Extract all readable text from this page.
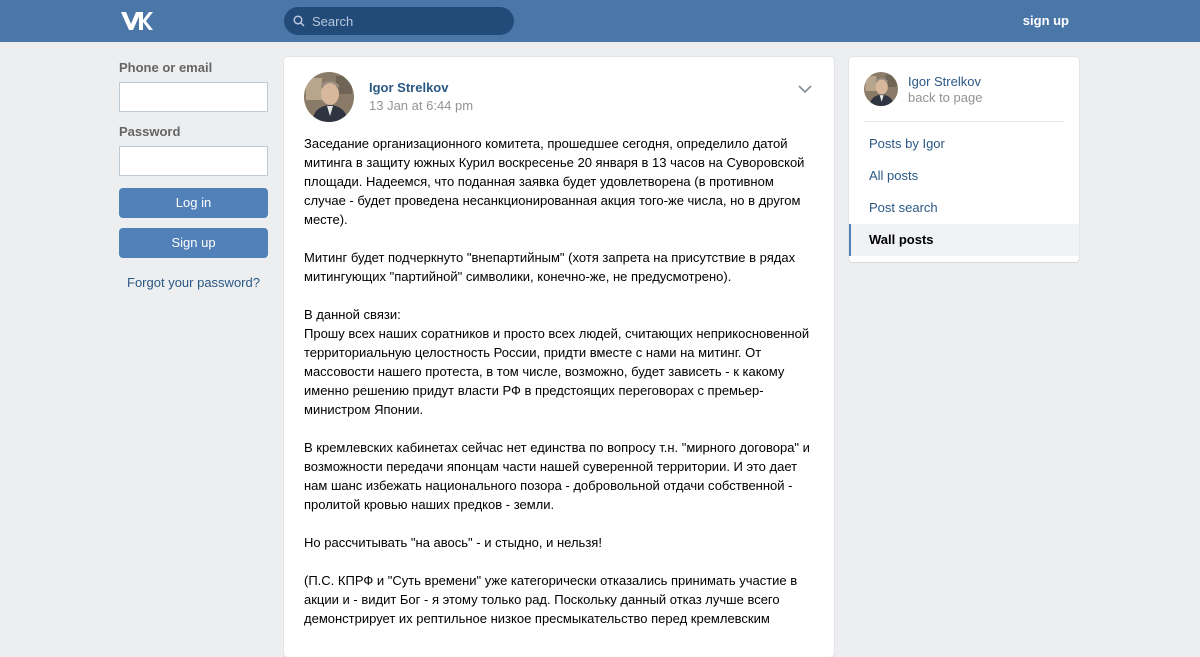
Search
sign up
Phone or email
Password
Log in
Sign up
Forgot your password?
Igor Strelkov
13 Jan at 6:44 pm

Заседание организационного комитета, прошедшее сегодня, определило датой митинга в защиту южных Курил воскресенье 20 января в 13 часов на Суворовской площади. Надеемся, что поданная заявка будет удовлетворена (в противном случае - будет проведена несанкционированная акция того-же числа, но в другом месте).

Митинг будет подчеркнуто "внепартийным" (хотя запрета на присутствие в рядах митингующих "партийной" символики, конечно-же, не предусмотрено).

В данной связи:
Прошу всех наших соратников и просто всех людей, считающих неприкосновенной территориальную целостность России, придти вместе с нами на митинг. От массовости нашего протеста, в том числе, возможно, будет зависеть - к какому именно решению придут власти РФ в предстоящих переговорах с премьер-министром Японии.

В кремлевских кабинетах сейчас нет единства по вопросу т.н. "мирного договора" и возможности передачи японцам части нашей суверенной территории. И это дает нам шанс избежать национального позора - добровольной отдачи собственной - пролитой кровью наших предков - земли.

Но рассчитывать "на авось" - и стыдно, и нельзя!

(П.С. КПРФ и "Суть времени" уже категорически отказались принимать участие в акции и - видит Бог - я этому только рад. Поскольку данный отказ лучше всего демонстрирует их рептильное низкое пресмыкательство перед кремлевским

Igor Strelkov
back to page
Posts by Igor
All posts
Post search
Wall posts
